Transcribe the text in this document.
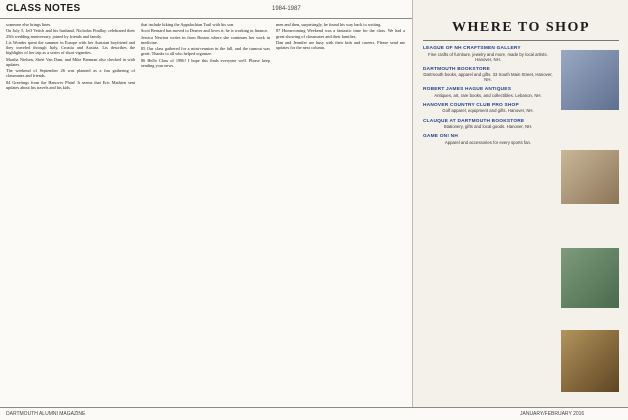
CLASS NOTES	1984-1987

someone else brings lines.

On July 5, Jeff Veitch and his husband, Nicholas Findlay, celebrated their 25th wedding anniversary, joined by friends and family.

Lis Wonder spent the summer in Europe with her Austrian boyfriend and they traveled through Italy, Croatia and Austria. Lis describes the highlights of her trip as a series of short vignettes.

Martha Nielsen, Sheri Van Dam, and Mike Brennan also checked in with updates.

The weekend of September 26 was planned as a fun gathering of classmates and friends.

84 Greetings from the Hanover Plain! It seems that Eric Mathien sent updates about his travels and his kids.

that include hiking the Appalachian Trail with his son.

Scott Bernard has moved to Denver and loves it; he is working in finance.

Jessica Newton writes in from Boston where she continues her work in medicine.

85 Our class gathered for a mini-reunion in the fall, and the turnout was great. Thanks to all who helped organize.

86 Hello Class of 1986! I hope this finds everyone well. Please keep sending your news.

men and then, surprisingly, he found his way back to writing.

87 Homecoming Weekend was a fantastic time for the class. We had a great showing of classmates and their families.

Dan and Jennifer are busy with their kids and careers. Please send me updates for the next column.

WHERE TO SHOP
LEAGUE OF NH CRAFTSMEN GALLERY
Fine crafts of furniture, jewelry and more, made by local artists. Hanover, NH.
DARTMOUTH BOOKSTORE
Dartmouth books, apparel and gifts. 33 South Main Street, Hanover, NH.
ROBERT JAMES HAGUE ANTIQUES
Antiques, art, rare books, and collectibles. Lebanon, NH.
HANOVER COUNTRY CLUB PRO SHOP
Golf apparel, equipment and gifts. Hanover, NH.
CLAUQUE AT DARTMOUTH BOOKSTORE
Stationery, gifts and local goods. Hanover, NH.
GAME ON! NH
Apparel and accessories for every sports fan.
DARTMOUTH ALUMNI MAGAZINE	JANUARY/FEBRUARY 2016
